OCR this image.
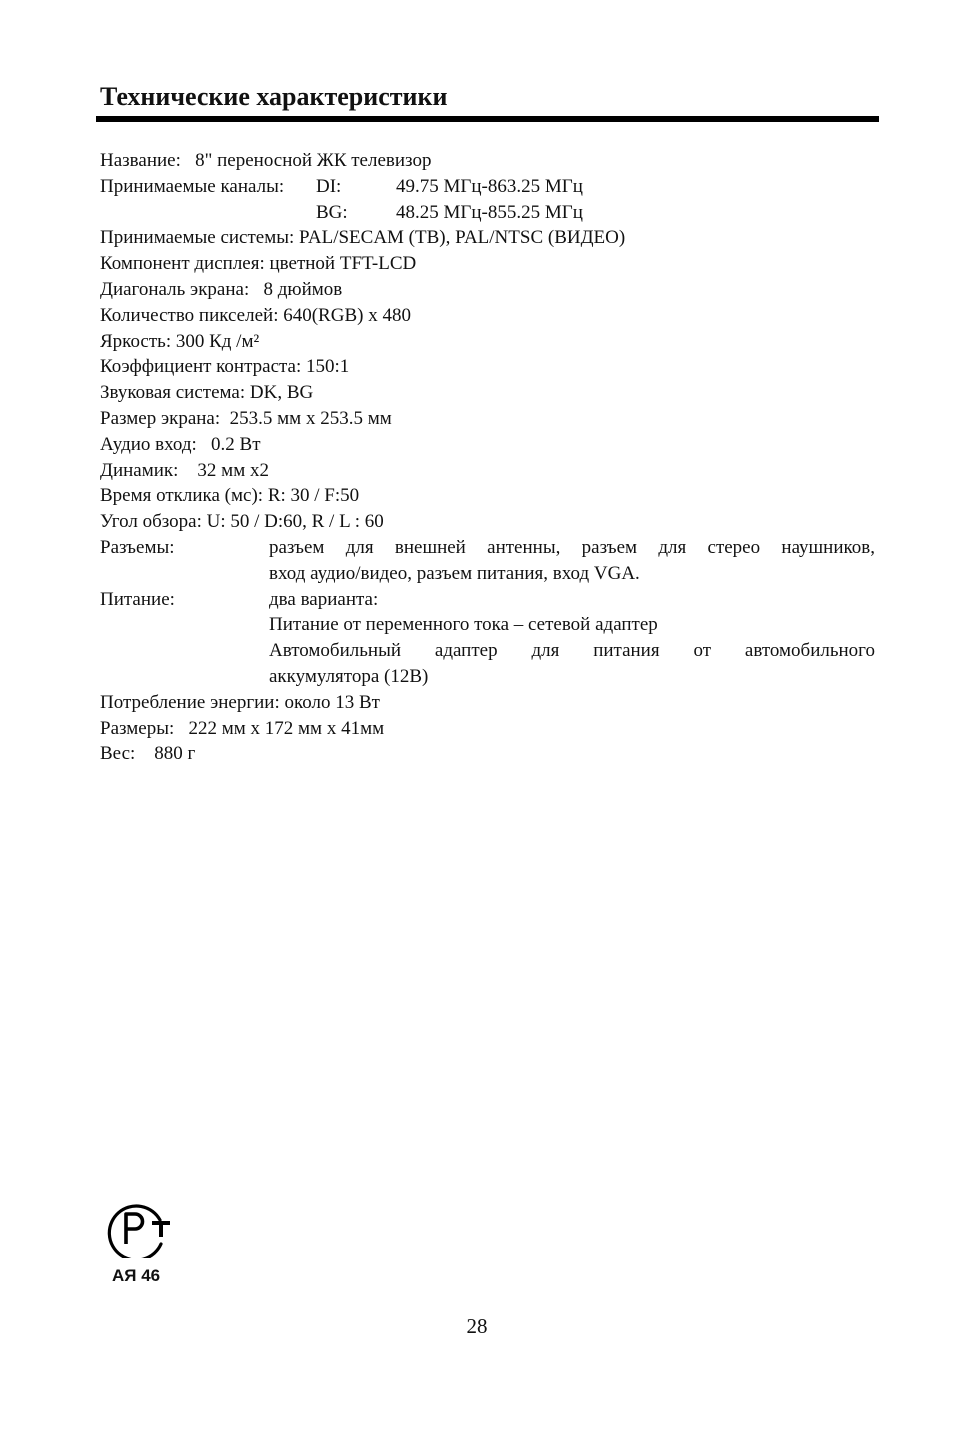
Технические характеристики
Название:   8" переносной ЖК телевизор
Принимаемые каналы: DI:	49.75 МГц-863.25 МГц
BG:	48.25 МГц-855.25 МГц
Принимаемые системы: PAL/SECAM (ТВ), PAL/NTSC (ВИДЕО)
Компонент дисплея: цветной TFT-LCD
Диагональ экрана:   8 дюймов
Количество пикселей: 640(RGB) x 480
Яркость: 300 Кд /м²
Коэффициент контраста: 150:1
Звуковая система: DK, BG
Размер экрана:  253.5 мм x 253.5 мм
Аудио вход:   0.2 Вт
Динамик:    32 мм x2
Время отклика (мс): R: 30 / F:50
Угол обзора: U: 50 / D:60, R / L : 60
Разъемы:	разъем для внешней антенны, разъем для стерео наушников,
вход аудио/видео, разъем питания, вход VGA.
Питание:	два варианта:
Питание от переменного тока – сетевой адаптер
Автомобильный адаптер для питания от автомобильного
аккумулятора (12В)
Потребление энергии: около 13 Вт
Размеры:   222 мм x 172 мм x 41мм
Вес:    880 г
АЯ 46
28
